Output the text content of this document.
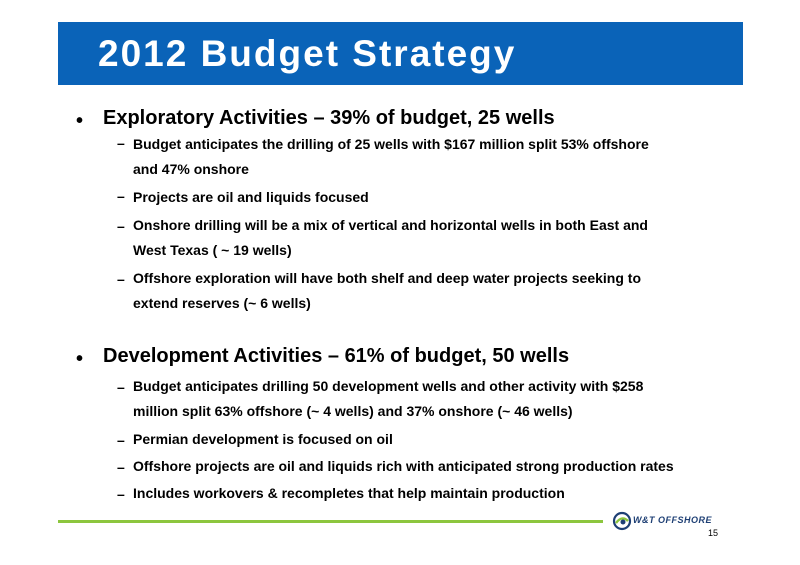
2012 Budget Strategy
• Exploratory Activities – 39% of budget, 25 wells
– Budget anticipates the drilling of 25 wells with $167 million split 53% offshore
and 47% onshore
– Projects are oil and liquids focused
– Onshore drilling will be a mix of vertical and horizontal wells in both East and
West Texas ( ~ 19 wells)
– Offshore exploration will have both shelf and deep water projects seeking to
extend reserves (~ 6 wells)
• Development Activities – 61% of budget, 50 wells
– Budget anticipates drilling 50 development wells and other activity with $258
million split 63% offshore (~ 4 wells) and 37% onshore (~ 46 wells)
– Permian development is focused on oil
– Offshore projects are oil and liquids rich with anticipated strong production rates
– Includes workovers & recompletes that help maintain production
W&T OFFSHORE
15
